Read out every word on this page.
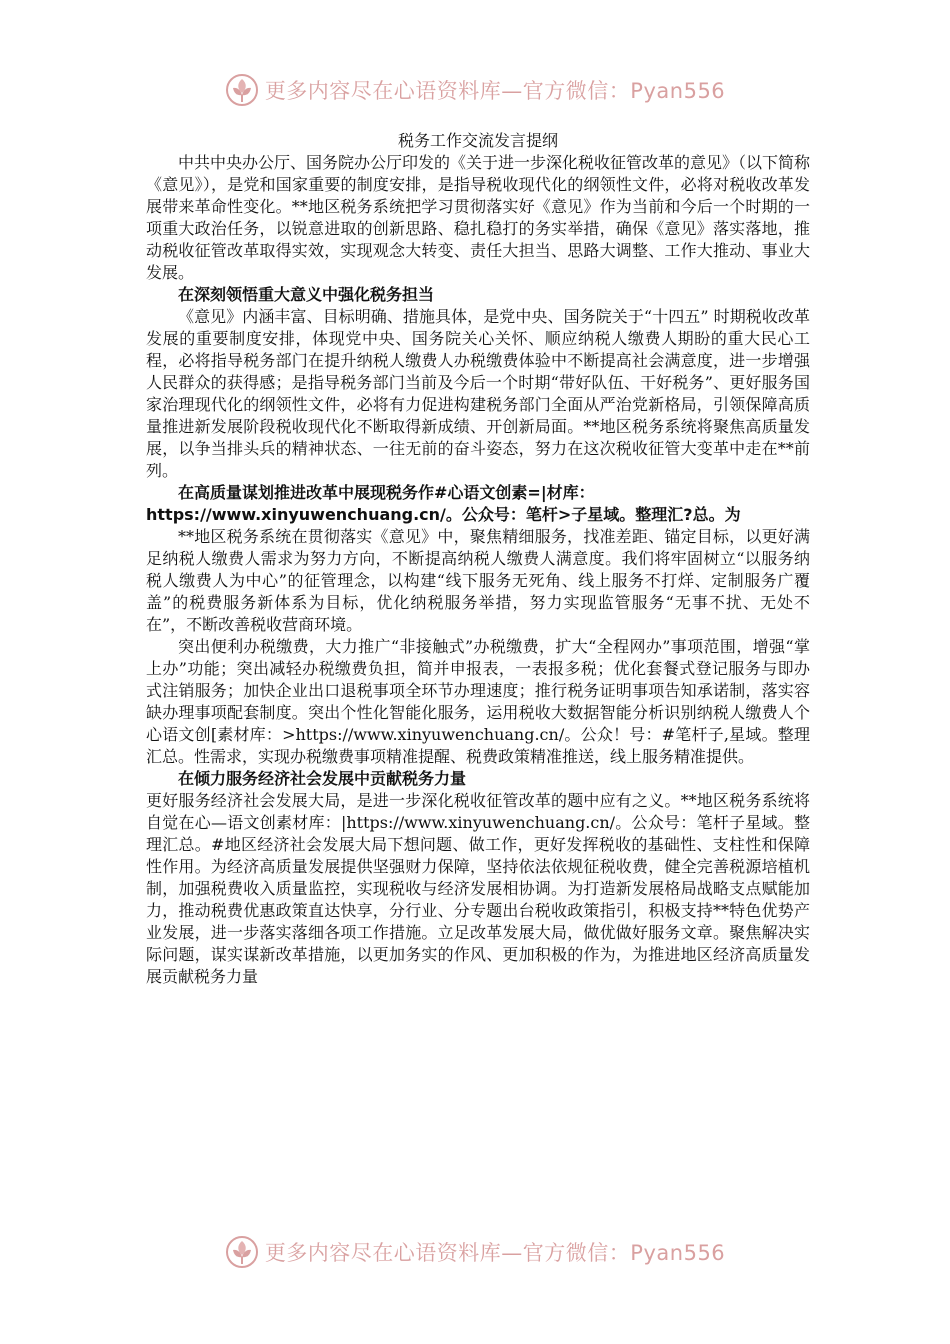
更多内容尽在心语资料库—官方微信：Pyan556
税务工作交流发言提纲

中共中央办公厅、国务院办公厅印发的《关于进一步深化税收征管改革的意见》（以下简称《意见》），是党和国家重要的制度安排，是指导税收现代化的纲领性文件，必将对税收改革发展带来革命性变化。**地区税务系统把学习贯彻落实好《意见》作为当前和今后一个时期的一项重大政治任务，以锐意进取的创新思路、稳扎稳打的务实举措，确保《意见》落实落地，推动税收征管改革取得实效，实现观念大转变、责任大担当、思路大调整、工作大推动、事业大发展。

在深刻领悟重大意义中强化税务担当

《意见》内涵丰富、目标明确、措施具体，是党中央、国务院关于“十四五” 时期税收改革发展的重要制度安排，体现党中央、国务院关心关怀、顺应纳税人缴费人期盼的重大民心工程，必将指导税务部门在提升纳税人缴费人办税缴费体验中不断提高社会满意度，进一步增强人民群众的获得感；是指导税务部门当前及今后一个时期“带好队伍、干好税务”、更好服务国家治理现代化的纲领性文件，必将有力促进构建税务部门全面从严治党新格局，引领保障高质量推进新发展阶段税收现代化不断取得新成绩、开创新局面。**地区税务系统将聚焦高质量发展，以争当排头兵的精神状态、一往无前的奋斗姿态，努力在这次税收征管大变革中走在**前列。

在高质量谋划推进改革中展现税务作#心语文创素=|材库：https://www.xinyuwenchuang.cn/。公众号：笔杆>子星域。整理汇?总。为

**地区税务系统在贯彻落实《意见》中，聚焦精细服务，找准差距、锚定目标，以更好满足纳税人缴费人需求为努力方向，不断提高纳税人缴费人满意度。我们将牢固树立“以服务纳税人缴费人为中心”的征管理念，以构建“线下服务无死角、线上服务不打烊、定制服务广覆盖”的税费服务新体系为目标，优化纳税服务举措，努力实现监管服务“无事不扰、无处不在”，不断改善税收营商环境。

突出便利办税缴费，大力推广“非接触式”办税缴费，扩大“全程网办”事项范围，增强“掌上办”功能；突出减轻办税缴费负担，简并申报表，一表报多税；优化套餐式登记服务与即办式注销服务；加快企业出口退税事项全环节办理速度；推行税务证明事项告知承诺制，落实容缺办理事项配套制度。突出个性化智能化服务，运用税收大数据智能分析识别纳税人缴费人个心语文创[素材库：>https://www.xinyuwenchuang.cn/。公众！号：#笔杆子,星域。整理汇总。性需求，实现办税缴费事项精准提醒、税费政策精准推送，线上服务精准提供。

在倾力服务经济社会发展中贡献税务力量

更好服务经济社会发展大局，是进一步深化税收征管改革的题中应有之义。**地区税务系统将自觉在心—语文创素材库：|https://www.xinyuwenchuang.cn/。公众号：笔杆子星域。整理汇总。#地区经济社会发展大局下想问题、做工作，更好发挥税收的基础性、支柱性和保障性作用。为经济高质量发展提供坚强财力保障，坚持依法依规征税收费，健全完善税源培植机制，加强税费收入质量监控，实现税收与经济发展相协调。为打造新发展格局战略支点赋能加力，推动税费优惠政策直达快享，分行业、分专题出台税收政策指引，积极支持**特色优势产业发展，进一步落实落细各项工作措施。立足改革发展大局，做优做好服务文章。聚焦解决实际问题，谋实谋新改革措施，以更加务实的作风、更加积极的作为，为推进地区经济高质量发展贡献税务力量

更多内容尽在心语资料库—官方微信：Pyan556
